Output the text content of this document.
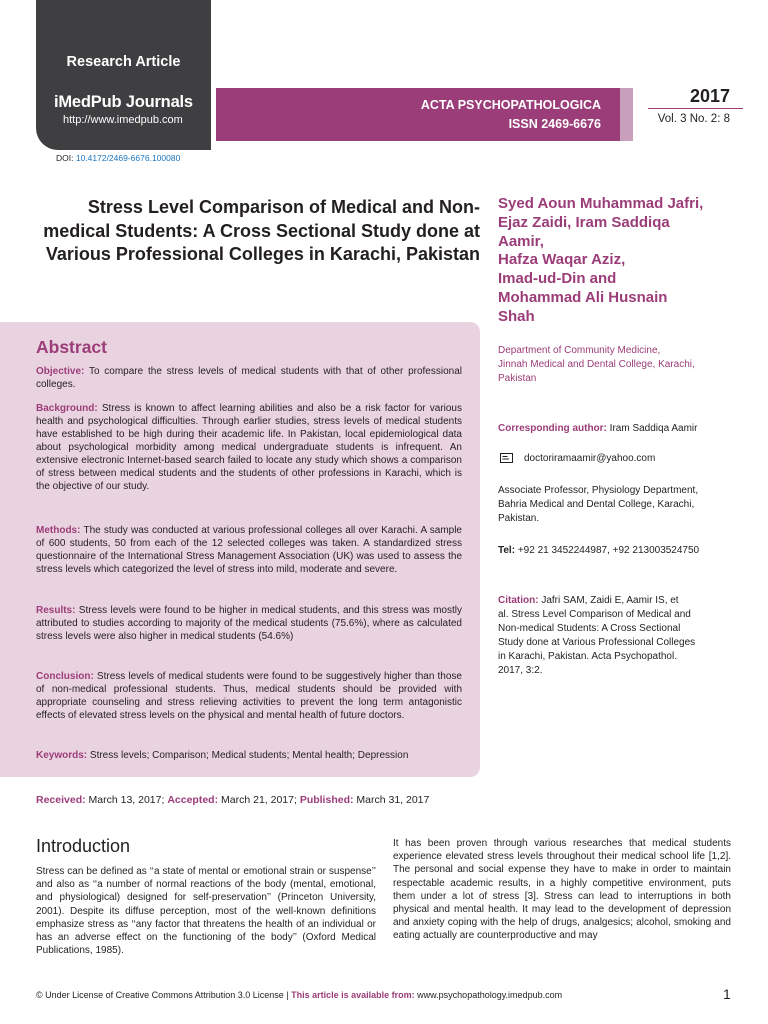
Research Article
iMedPub Journals
http://www.imedpub.com
ACTA PSYCHOPATHOLOGICA
ISSN 2469-6676
2017
Vol. 3 No. 2: 8
DOI: 10.4172/2469-6676.100080
Stress Level Comparison of Medical and Non-medical Students: A Cross Sectional Study done at Various Professional Colleges in Karachi, Pakistan
Syed Aoun Muhammad Jafri,
Ejaz Zaidi, Iram Saddiqa
Aamir,
Hafza Waqar Aziz,
Imad-ud-Din and
Mohammad Ali Husnain
Shah
Abstract

Objective: To compare the stress levels of medical students with that of other professional colleges.

Background: Stress is known to affect learning abilities and also be a risk factor for various health and psychological difficulties. Through earlier studies, stress levels of medical students have established to be high during their academic life. In Pakistan, local epidemiological data about psychological morbidity among medical undergraduate students is infrequent. An extensive electronic Internet-based search failed to locate any study which shows a comparison of stress between medical students and the students of other professions in Karachi, which is the objective of our study.

Methods: The study was conducted at various professional colleges all over Karachi. A sample of 600 students, 50 from each of the 12 selected colleges was taken. A standardized stress questionnaire of the International Stress Management Association (UK) was used to assess the stress levels which categorized the level of stress into mild, moderate and severe.

Results: Stress levels were found to be higher in medical students, and this stress was mostly attributed to studies according to majority of the medical students (75.6%), where as calculated stress levels were also higher in medical students (54.6%)

Conclusion: Stress levels of medical students were found to be suggestively higher than those of non-medical professional students. Thus, medical students should be provided with appropriate counseling and stress relieving activities to prevent the long term antagonistic effects of elevated stress levels on the physical and mental health of future doctors.

Keywords: Stress levels; Comparison; Medical students; Mental health; Depression

Department of Community Medicine,
Jinnah Medical and Dental College, Karachi,
Pakistan
Corresponding author: Iram Saddiqa Aamir
doctoriramaamir@yahoo.com
Associate Professor, Physiology Department,
Bahria Medical and Dental College, Karachi,
Pakistan.
Tel: +92 21 3452244987, +92 213003524750
Citation: Jafri SAM, Zaidi E, Aamir IS, et
al. Stress Level Comparison of Medical and
Non-medical Students: A Cross Sectional
Study done at Various Professional Colleges
in Karachi, Pakistan. Acta Psychopathol.
2017, 3:2.
Received: March 13, 2017; Accepted: March 21, 2017; Published: March 31, 2017
Introduction

Stress can be defined as ‘‘a state of mental or emotional strain or suspense’’ and also as ‘‘a number of normal reactions of the body (mental, emotional, and physiological) designed for self-preservation’’ (Princeton University, 2001). Despite its diffuse perception, most of the well-known definitions emphasize stress as ‘‘any factor that threatens the health of an individual or has an adverse effect on the functioning of the body’’ (Oxford Medical Publications, 1985).

It has been proven through various researches that medical students experience elevated stress levels throughout their medical school life [1,2]. The personal and social expense they have to make in order to maintain respectable academic results, in a highly competitive environment, puts them under a lot of stress [3]. Stress can lead to interruptions in both physical and mental health. It may lead to the development of depression and anxiety coping with the help of drugs, analgesics; alcohol, smoking and eating actually are counterproductive and may

© Under License of Creative Commons Attribution 3.0 License | This article is available from: www.psychopathology.imedpub.com	1
